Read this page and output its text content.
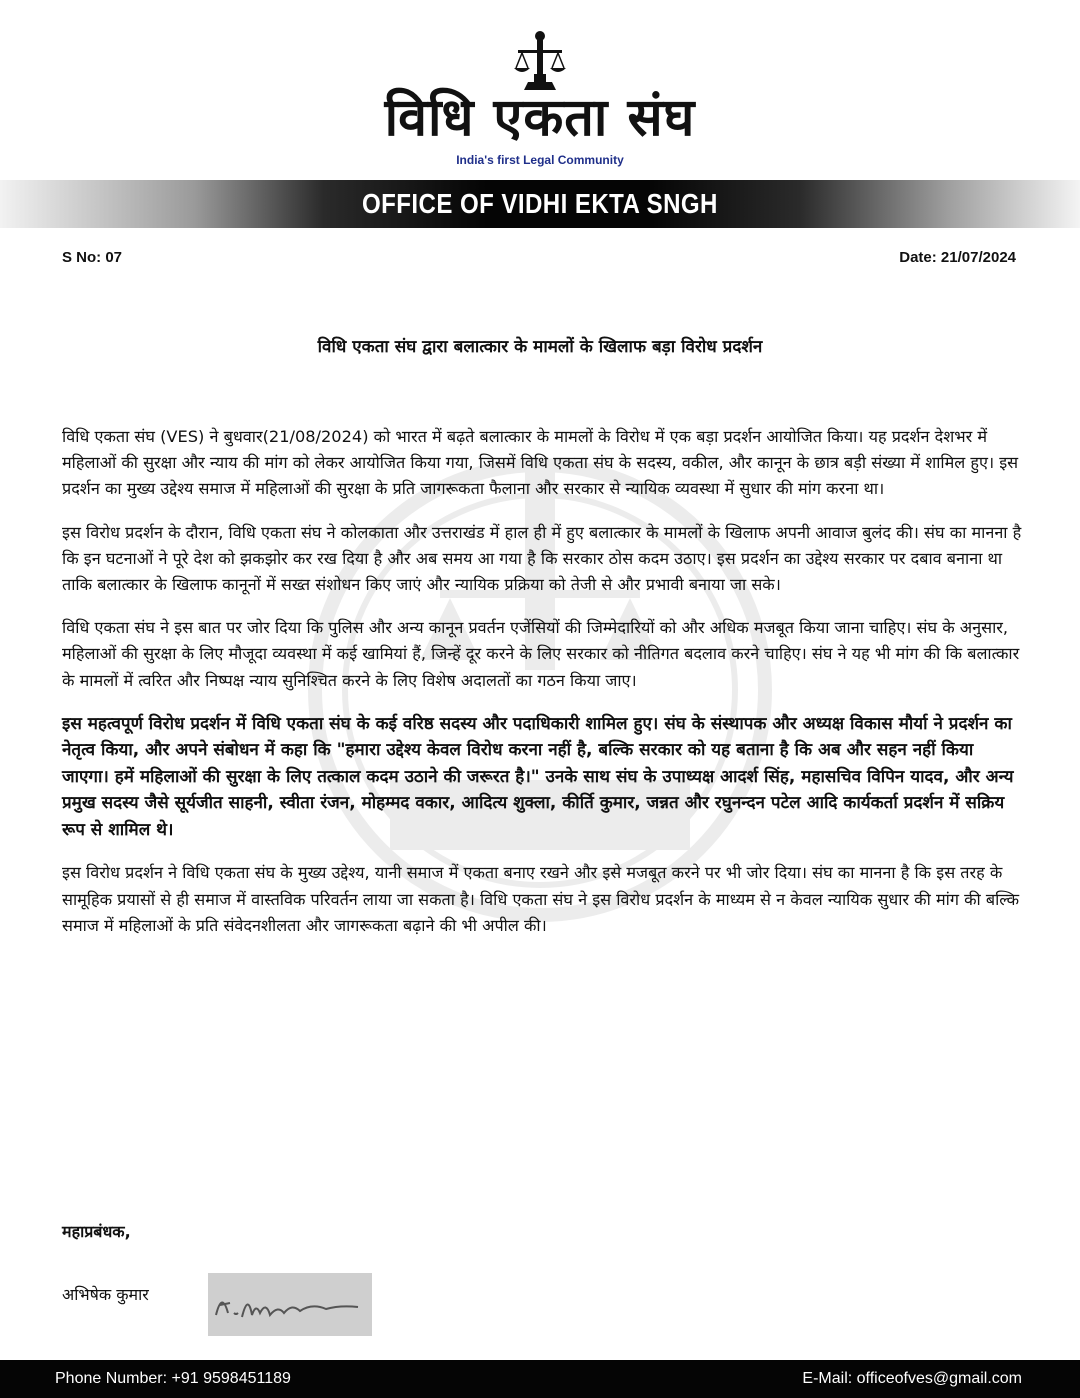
विधि एकता संघ
India's first Legal Community
OFFICE OF VIDHI EKTA SNGH
S No: 07	Date: 21/07/2024
विधि एकता संघ द्वारा बलात्कार के मामलों के खिलाफ बड़ा विरोध प्रदर्शन

विधि एकता संघ (VES) ने बुधवार(21/08/2024) को भारत में बढ़ते बलात्कार के मामलों के विरोध में एक बड़ा प्रदर्शन आयोजित किया। यह प्रदर्शन देशभर में महिलाओं की सुरक्षा और न्याय की मांग को लेकर आयोजित किया गया, जिसमें विधि एकता संघ के सदस्य, वकील, और कानून के छात्र बड़ी संख्या में शामिल हुए। इस प्रदर्शन का मुख्य उद्देश्य समाज में महिलाओं की सुरक्षा के प्रति जागरूकता फैलाना और सरकार से न्यायिक व्यवस्था में सुधार की मांग करना था।

इस विरोध प्रदर्शन के दौरान, विधि एकता संघ ने कोलकाता और उत्तराखंड में हाल ही में हुए बलात्कार के मामलों के खिलाफ अपनी आवाज बुलंद की। संघ का मानना है कि इन घटनाओं ने पूरे देश को झकझोर कर रख दिया है और अब समय आ गया है कि सरकार ठोस कदम उठाए। इस प्रदर्शन का उद्देश्य सरकार पर दबाव बनाना था ताकि बलात्कार के खिलाफ कानूनों में सख्त संशोधन किए जाएं और न्यायिक प्रक्रिया को तेजी से और प्रभावी बनाया जा सके।

विधि एकता संघ ने इस बात पर जोर दिया कि पुलिस और अन्य कानून प्रवर्तन एजेंसियों की जिम्मेदारियों को और अधिक मजबूत किया जाना चाहिए। संघ के अनुसार, महिलाओं की सुरक्षा के लिए मौजूदा व्यवस्था में कई खामियां हैं, जिन्हें दूर करने के लिए सरकार को नीतिगत बदलाव करने चाहिए। संघ ने यह भी मांग की कि बलात्कार के मामलों में त्वरित और निष्पक्ष न्याय सुनिश्चित करने के लिए विशेष अदालतों का गठन किया जाए।

इस महत्वपूर्ण विरोध प्रदर्शन में विधि एकता संघ के कई वरिष्ठ सदस्य और पदाधिकारी शामिल हुए। संघ के संस्थापक और अध्यक्ष विकास मौर्या ने प्रदर्शन का नेतृत्व किया, और अपने संबोधन में कहा कि "हमारा उद्देश्य केवल विरोध करना नहीं है, बल्कि सरकार को यह बताना है कि अब और सहन नहीं किया जाएगा। हमें महिलाओं की सुरक्षा के लिए तत्काल कदम उठाने की जरूरत है।" उनके साथ संघ के उपाध्यक्ष आदर्श सिंह, महासचिव विपिन यादव, और अन्य प्रमुख सदस्य जैसे सूर्यजीत साहनी, स्वीता रंजन, मोहम्मद वकार, आदित्य शुक्ला, कीर्ति कुमार, जन्नत और रघुनन्दन पटेल आदि कार्यकर्ता प्रदर्शन में सक्रिय रूप से शामिल थे।

इस विरोध प्रदर्शन ने विधि एकता संघ के मुख्य उद्देश्य, यानी समाज में एकता बनाए रखने और इसे मजबूत करने पर भी जोर दिया। संघ का मानना है कि इस तरह के सामूहिक प्रयासों से ही समाज में वास्तविक परिवर्तन लाया जा सकता है। विधि एकता संघ ने इस विरोध प्रदर्शन के माध्यम से न केवल न्यायिक सुधार की मांग की बल्कि समाज में महिलाओं के प्रति संवेदनशीलता और जागरूकता बढ़ाने की भी अपील की।

महाप्रबंधक,
अभिषेक कुमार
Phone Number: +91 9598451189	E-Mail: officeofves@gmail.com
